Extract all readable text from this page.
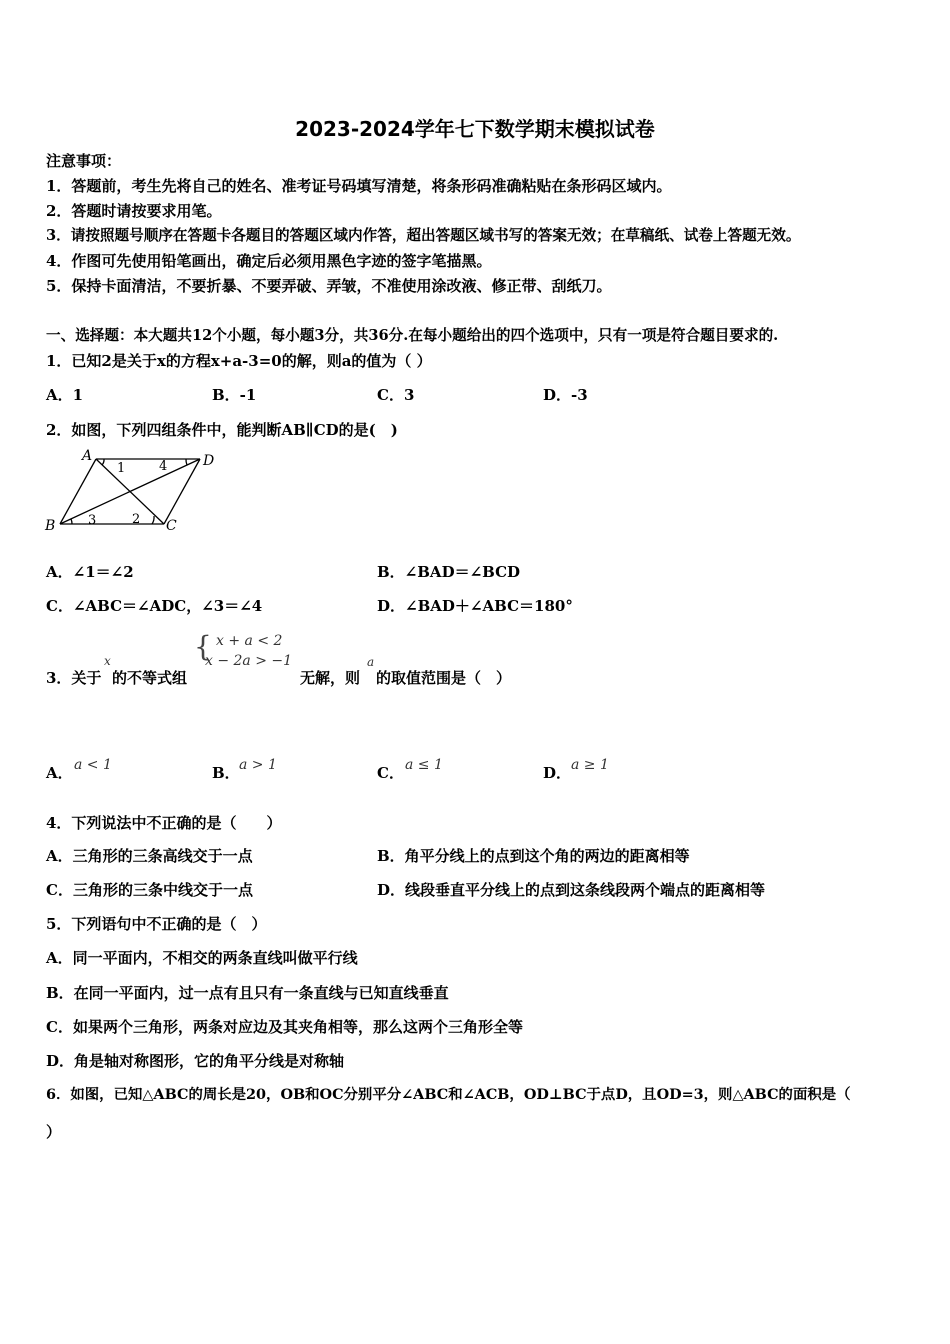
2023-2024学年七下数学期末模拟试卷
注意事项：
1．答题前，考生先将自己的姓名、准考证号码填写清楚，将条形码准确粘贴在条形码区域内。
2．答题时请按要求用笔。
3．请按照题号顺序在答题卡各题目的答题区域内作答，超出答题区域书写的答案无效；在草稿纸、试卷上答题无效。
4．作图可先使用铅笔画出，确定后必须用黑色字迹的签字笔描黑。
5．保持卡面清洁，不要折暴、不要弄破、弄皱，不准使用涂改液、修正带、刮纸刀。
一、选择题：本大题共12个小题，每小题3分，共36分.在每小题给出的四个选项中，只有一项是符合题目要求的.
1．已知2是关于x的方程x+a-3=0的解，则a的值为（ ）
A．1	B．-1	C．3	D．-3
2．如图，下列四组条件中，能判断AB∥CD的是(　)
A	D
B	C
1	4
3	2
A．∠1＝∠2	B．∠BAD＝∠BCD
C．∠ABC＝∠ADC，∠3＝∠4	D．∠BAD＋∠ABC＝180°
3．关于
x
的不等式组
{ x + a < 2
x − 2a > −1
无解，则
a
的取值范围是（　）
A． a < 1	B． a > 1	C． a ≤ 1	D． a ≥ 1
4．下列说法中不正确的是（　　）
A．三角形的三条高线交于一点	B．角平分线上的点到这个角的两边的距离相等
C．三角形的三条中线交于一点	D．线段垂直平分线上的点到这条线段两个端点的距离相等
5．下列语句中不正确的是（　）
A．同一平面内，不相交的两条直线叫做平行线
B．在同一平面内，过一点有且只有一条直线与已知直线垂直
C．如果两个三角形，两条对应边及其夹角相等，那么这两个三角形全等
D．角是轴对称图形，它的角平分线是对称轴
6．如图，已知△ABC的周长是20，OB和OC分别平分∠ABC和∠ACB，OD⊥BC于点D，且OD=3，则△ABC的面积是（
）
